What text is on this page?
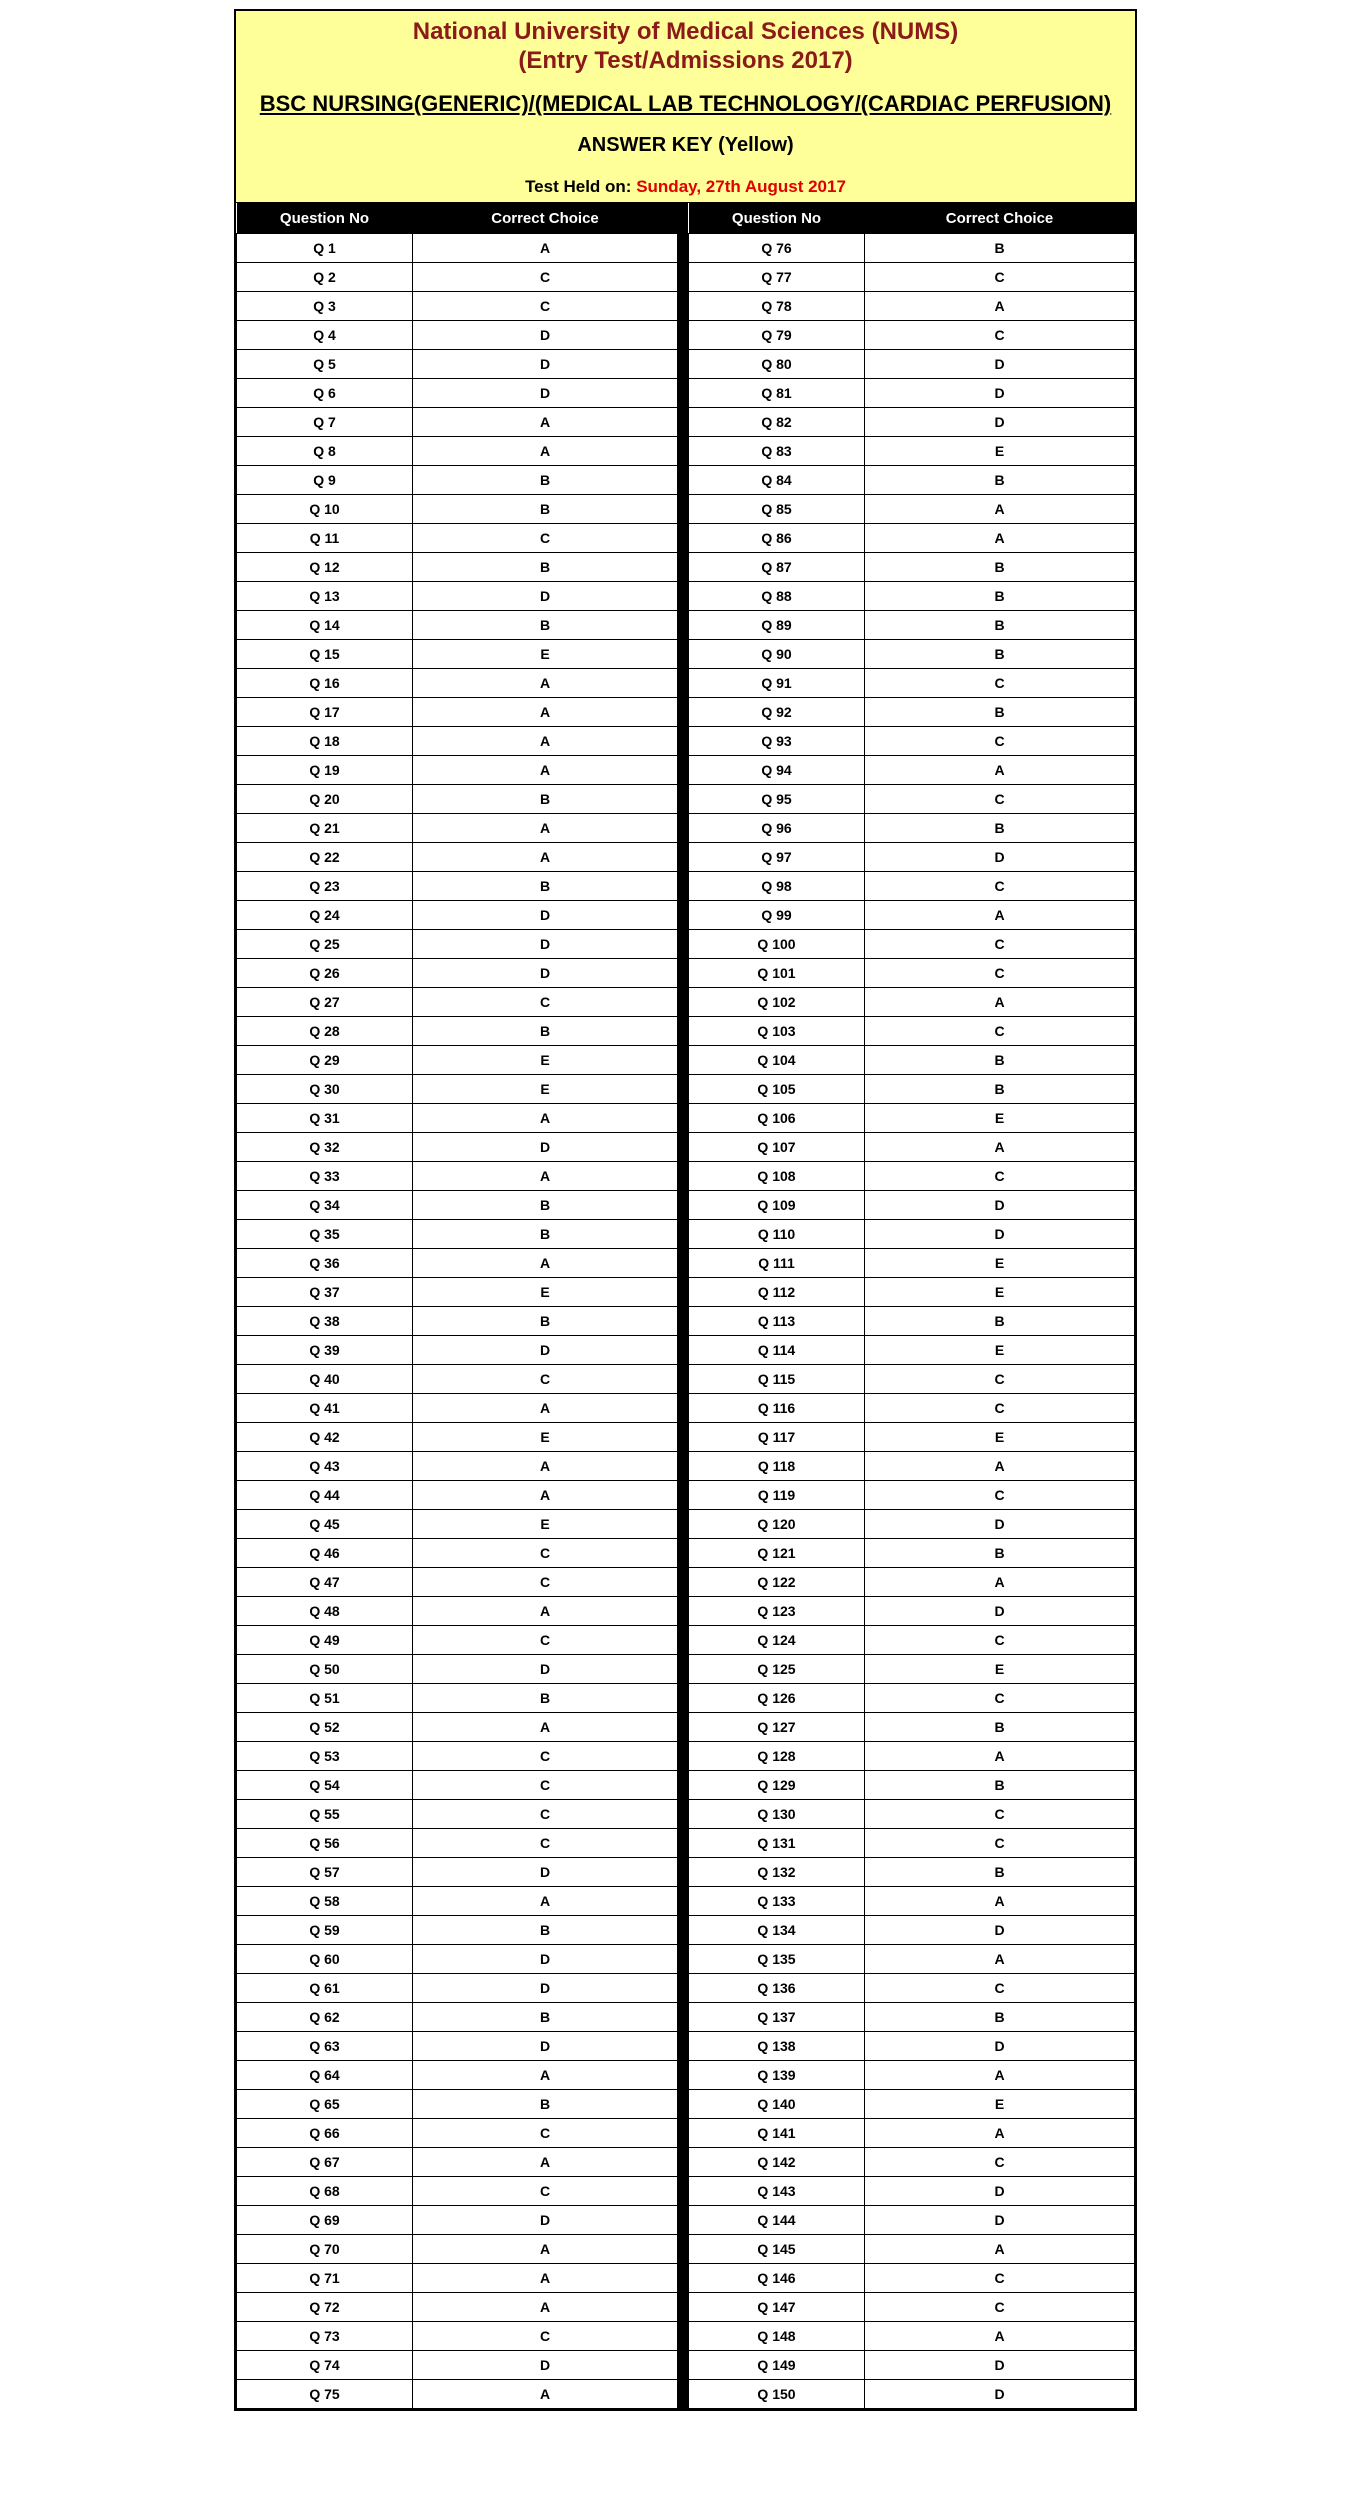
National University of Medical Sciences (NUMS)
(Entry Test/Admissions 2017)
BSC NURSING(GENERIC)/(MEDICAL LAB TECHNOLOGY/(CARDIAC PERFUSION)
ANSWER KEY (Yellow)
Test Held on: Sunday, 27th August 2017
Question No	Correct Choice
Q 1	A
Q 2	C
Q 3	C
Q 4	D
Q 5	D
Q 6	D
Q 7	A
Q 8	A
Q 9	B
Q 10	B
Q 11	C
Q 12	B
Q 13	D
Q 14	B
Q 15	E
Q 16	A
Q 17	A
Q 18	A
Q 19	A
Q 20	B
Q 21	A
Q 22	A
Q 23	B
Q 24	D
Q 25	D
Q 26	D
Q 27	C
Q 28	B
Q 29	E
Q 30	E
Q 31	A
Q 32	D
Q 33	A
Q 34	B
Q 35	B
Q 36	A
Q 37	E
Q 38	B
Q 39	D
Q 40	C
Q 41	A
Q 42	E
Q 43	A
Q 44	A
Q 45	E
Q 46	C
Q 47	C
Q 48	A
Q 49	C
Q 50	D
Q 51	B
Q 52	A
Q 53	C
Q 54	C
Q 55	C
Q 56	C
Q 57	D
Q 58	A
Q 59	B
Q 60	D
Q 61	D
Q 62	B
Q 63	D
Q 64	A
Q 65	B
Q 66	C
Q 67	A
Q 68	C
Q 69	D
Q 70	A
Q 71	A
Q 72	A
Q 73	C
Q 74	D
Q 75	A
Question No	Correct Choice
Q 76	B
Q 77	C
Q 78	A
Q 79	C
Q 80	D
Q 81	D
Q 82	D
Q 83	E
Q 84	B
Q 85	A
Q 86	A
Q 87	B
Q 88	B
Q 89	B
Q 90	B
Q 91	C
Q 92	B
Q 93	C
Q 94	A
Q 95	C
Q 96	B
Q 97	D
Q 98	C
Q 99	A
Q 100	C
Q 101	C
Q 102	A
Q 103	C
Q 104	B
Q 105	B
Q 106	E
Q 107	A
Q 108	C
Q 109	D
Q 110	D
Q 111	E
Q 112	E
Q 113	B
Q 114	E
Q 115	C
Q 116	C
Q 117	E
Q 118	A
Q 119	C
Q 120	D
Q 121	B
Q 122	A
Q 123	D
Q 124	C
Q 125	E
Q 126	C
Q 127	B
Q 128	A
Q 129	B
Q 130	C
Q 131	C
Q 132	B
Q 133	A
Q 134	D
Q 135	A
Q 136	C
Q 137	B
Q 138	D
Q 139	A
Q 140	E
Q 141	A
Q 142	C
Q 143	D
Q 144	D
Q 145	A
Q 146	C
Q 147	C
Q 148	A
Q 149	D
Q 150	D
